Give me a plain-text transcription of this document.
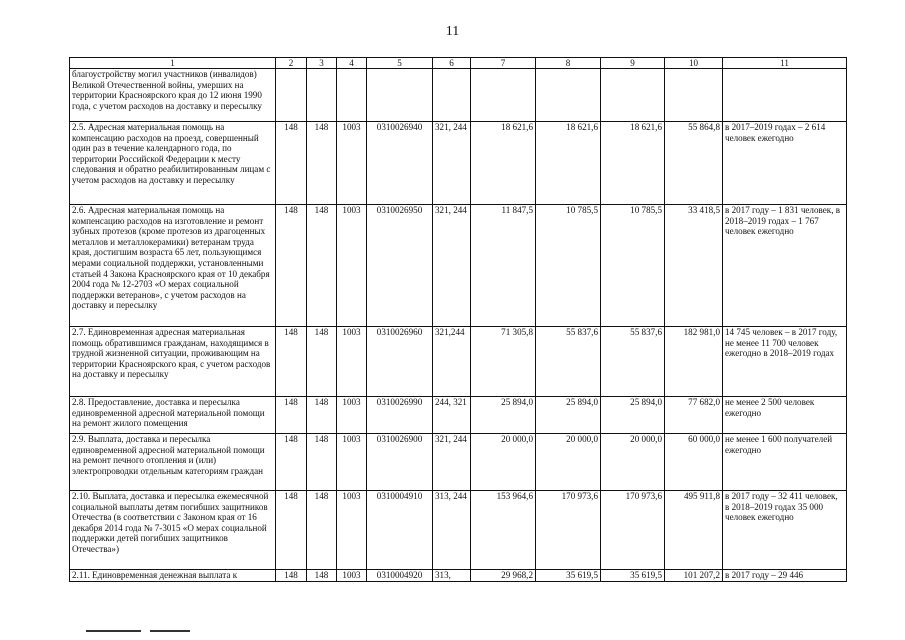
11
1	2	3	4	5	6	7	8	9	10	11
благоустройству могил участников (инвалидов) Великой Отечественной войны, умерших на территории Красноярского края до 12 июня 1990 года, с учетом расходов на доставку и пересылку										
2.5. Адресная материальная помощь на компенсацию расходов на проезд, совершенный один раз в течение календарного года, по территории Российской Федерации к месту следования и обратно реабилитированным лицам с учетом расходов на доставку и пересылку	148	148	1003	0310026940	321, 244	18 621,6	18 621,6	18 621,6	55 864,8	в 2017–2019 годах – 2 614 человек ежегодно
2.6. Адресная материальная помощь на компенсацию расходов на изготовление и ремонт зубных протезов (кроме протезов из драгоценных металлов и металлокерамики) ветеранам труда края, достигшим возраста 65 лет, пользующимся мерами социальной поддержки, установленными статьей 4 Закона Красноярского края от 10 декабря 2004 года № 12-2703 «О мерах социальной поддержки ветеранов», с учетом расходов на доставку и пересылку	148	148	1003	0310026950	321, 244	11 847,5	10 785,5	10 785,5	33 418,5	в 2017 году – 1 831 человек, в 2018–2019 годах – 1 767 человек ежегодно
2.7. Единовременная адресная материальная помощь обратившимся гражданам, находящимся в трудной жизненной ситуации, проживающим на территории Красноярского края, с учетом расходов на доставку и пересылку	148	148	1003	0310026960	321,244	71 305,8	55 837,6	55 837,6	182 981,0	14 745 человек – в 2017 году, не менее 11 700 человек ежегодно в 2018–2019 годах
2.8. Предоставление, доставка и пересылка единовременной адресной материальной помощи на ремонт жилого помещения	148	148	1003	0310026990	244, 321	25 894,0	25 894,0	25 894,0	77 682,0	не менее 2 500 человек ежегодно
2.9. Выплата, доставка и пересылка единовременной адресной материальной помощи на ремонт печного отопления и (или) электропроводки отдельным категориям граждан	148	148	1003	0310026900	321, 244	20 000,0	20 000,0	20 000,0	60 000,0	не менее 1 600 получателей ежегодно
2.10. Выплата, доставка и пересылка ежемесячной социальной выплаты детям погибших защитников Отечества (в соответствии с Законом края от 16 декабря 2014 года № 7-3015 «О мерах социальной поддержки детей погибших защитников Отечества»)	148	148	1003	0310004910	313, 244	153 964,6	170 973,6	170 973,6	495 911,8	в 2017 году – 32 411 человек, в 2018–2019 годах 35 000 человек ежегодно
2.11. Единовременная денежная выплата к	148	148	1003	0310004920	313,	29 968,2	35 619,5	35 619,5	101 207,2	в 2017 году – 29 446
